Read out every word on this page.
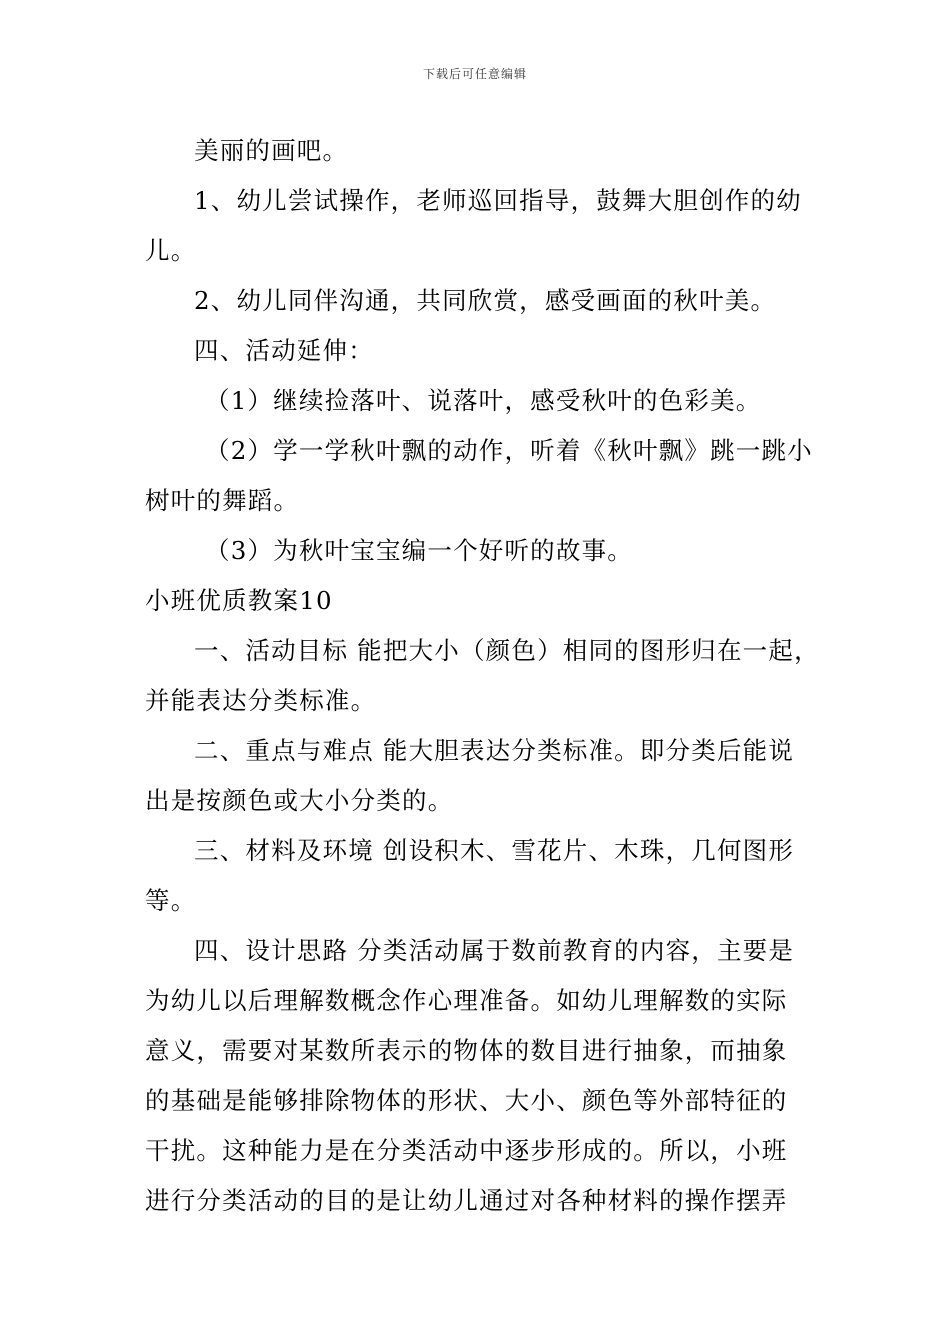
下载后可任意编辑
美丽的画吧。
1、幼儿尝试操作，老师巡回指导，鼓舞大胆创作的幼
儿。
2、幼儿同伴沟通，共同欣赏，感受画面的秋叶美。
四、活动延伸：
（1）继续捡落叶、说落叶，感受秋叶的色彩美。
（2）学一学秋叶飘的动作，听着《秋叶飘》跳一跳小
树叶的舞蹈。
（3）为秋叶宝宝编一个好听的故事。
小班优质教案10
一、活动目标 能把大小（颜色）相同的图形归在一起，
并能表达分类标准。
二、重点与难点 能大胆表达分类标准。即分类后能说
出是按颜色或大小分类的。
三、材料及环境 创设积木、雪花片、木珠，几何图形
等。
四、设计思路 分类活动属于数前教育的内容，主要是
为幼儿以后理解数概念作心理准备。如幼儿理解数的实际
意义，需要对某数所表示的物体的数目进行抽象，而抽象
的基础是能够排除物体的形状、大小、颜色等外部特征的
干扰。这种能力是在分类活动中逐步形成的。所以，小班
进行分类活动的目的是让幼儿通过对各种材料的操作摆弄
